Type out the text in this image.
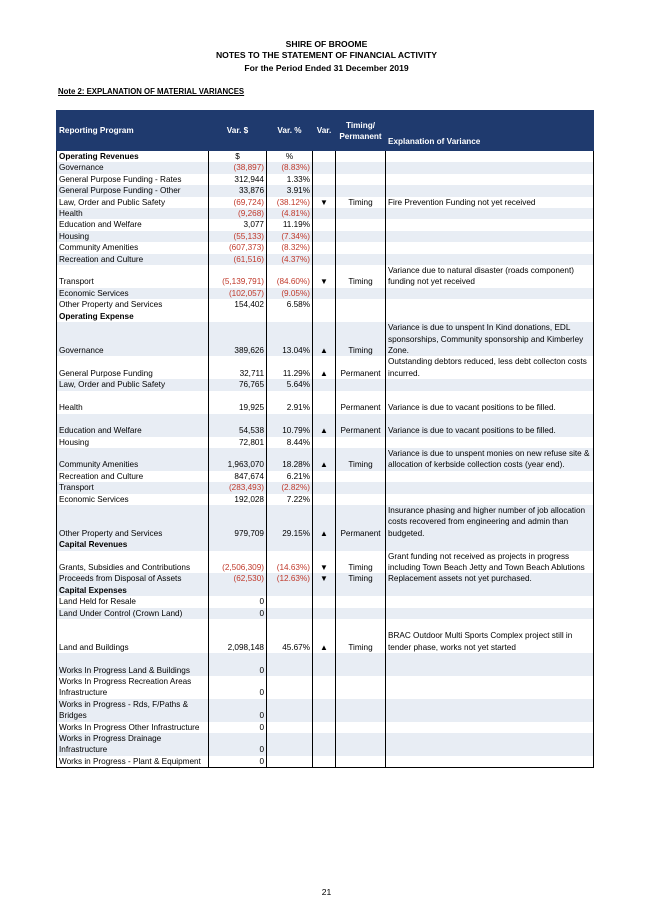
SHIRE OF BROOME
NOTES TO THE STATEMENT OF FINANCIAL ACTIVITY
For the Period Ended 31 December 2019
Note 2: EXPLANATION OF MATERIAL VARIANCES
Reporting Program	Var. $	Var. %	Var.	Timing/ Permanent	Explanation of Variance
Operating Revenues	$	%			
Governance	(38,897)	(8.83%)			
General Purpose Funding - Rates	312,944	1.33%			
General Purpose Funding - Other	33,876	3.91%			
Law, Order and Public Safety	(69,724)	(38.12%)	▼	Timing	Fire Prevention Funding not yet received
Health	(9,268)	(4.81%)			
Education and Welfare	3,077	11.19%			
Housing	(55,133)	(7.34%)			
Community Amenities	(607,373)	(8.32%)			
Recreation and Culture	(61,516)	(4.37%)			
Transport	(5,139,791)	(84.60%)	▼	Timing	Variance due to natural disaster (roads component) funding not yet received
Economic Services	(102,057)	(9.05%)			
Other Property and Services	154,402	6.58%			

Operating Expense					
Governance	389,626	13.04%	▲	Timing	Variance is due to unspent In Kind donations, EDL sponsorships, Community sponsorship and Kimberley Zone.
General Purpose Funding	32,711	11.29%	▲	Permanent	Outstanding debtors reduced, less debt collecton costs incurred.
Law, Order and Public Safety	76,765	5.64%			
Health	19,925	2.91%		Permanent	Variance is due to vacant positions to be filled.
Education and Welfare	54,538	10.79%	▲	Permanent	Variance is due to vacant positions to be filled.
Housing	72,801	8.44%			
Community Amenities	1,963,070	18.28%	▲	Timing	Variance is due to unspent monies on new refuse site & allocation of kerbside collection costs (year end).
Recreation and Culture	847,674	6.21%			
Transport	(283,493)	(2.82%)			
Economic Services	192,028	7.22%			
Other Property and Services	979,709	29.15%	▲	Permanent	Insurance phasing and higher number of job allocation costs recovered from engineering and admin than budgeted.

Capital Revenues					
Grants, Subsidies and Contributions	(2,506,309)	(14.63%)	▼	Timing	Grant funding not received as projects in progress including Town Beach Jetty and Town Beach Ablutions
Proceeds from Disposal of Assets	(62,530)	(12.63%)	▼	Timing	Replacement assets not yet purchased.

Capital Expenses					
Land Held for Resale	0				
Land Under Control (Crown Land)	0				
Land and Buildings	2,098,148	45.67%	▲	Timing	BRAC Outdoor Multi Sports Complex project still in tender phase, works not yet started
Works In Progress Land & Buildings	0				
Works In Progress Recreation Areas Infrastructure	0				
Works in Progress - Rds, F/Paths & Bridges	0				
Works In Progress Other Infrastructure	0				
Works in Progress Drainage Infrastructure	0				
Works in Progress - Plant & Equipment	0				
21
